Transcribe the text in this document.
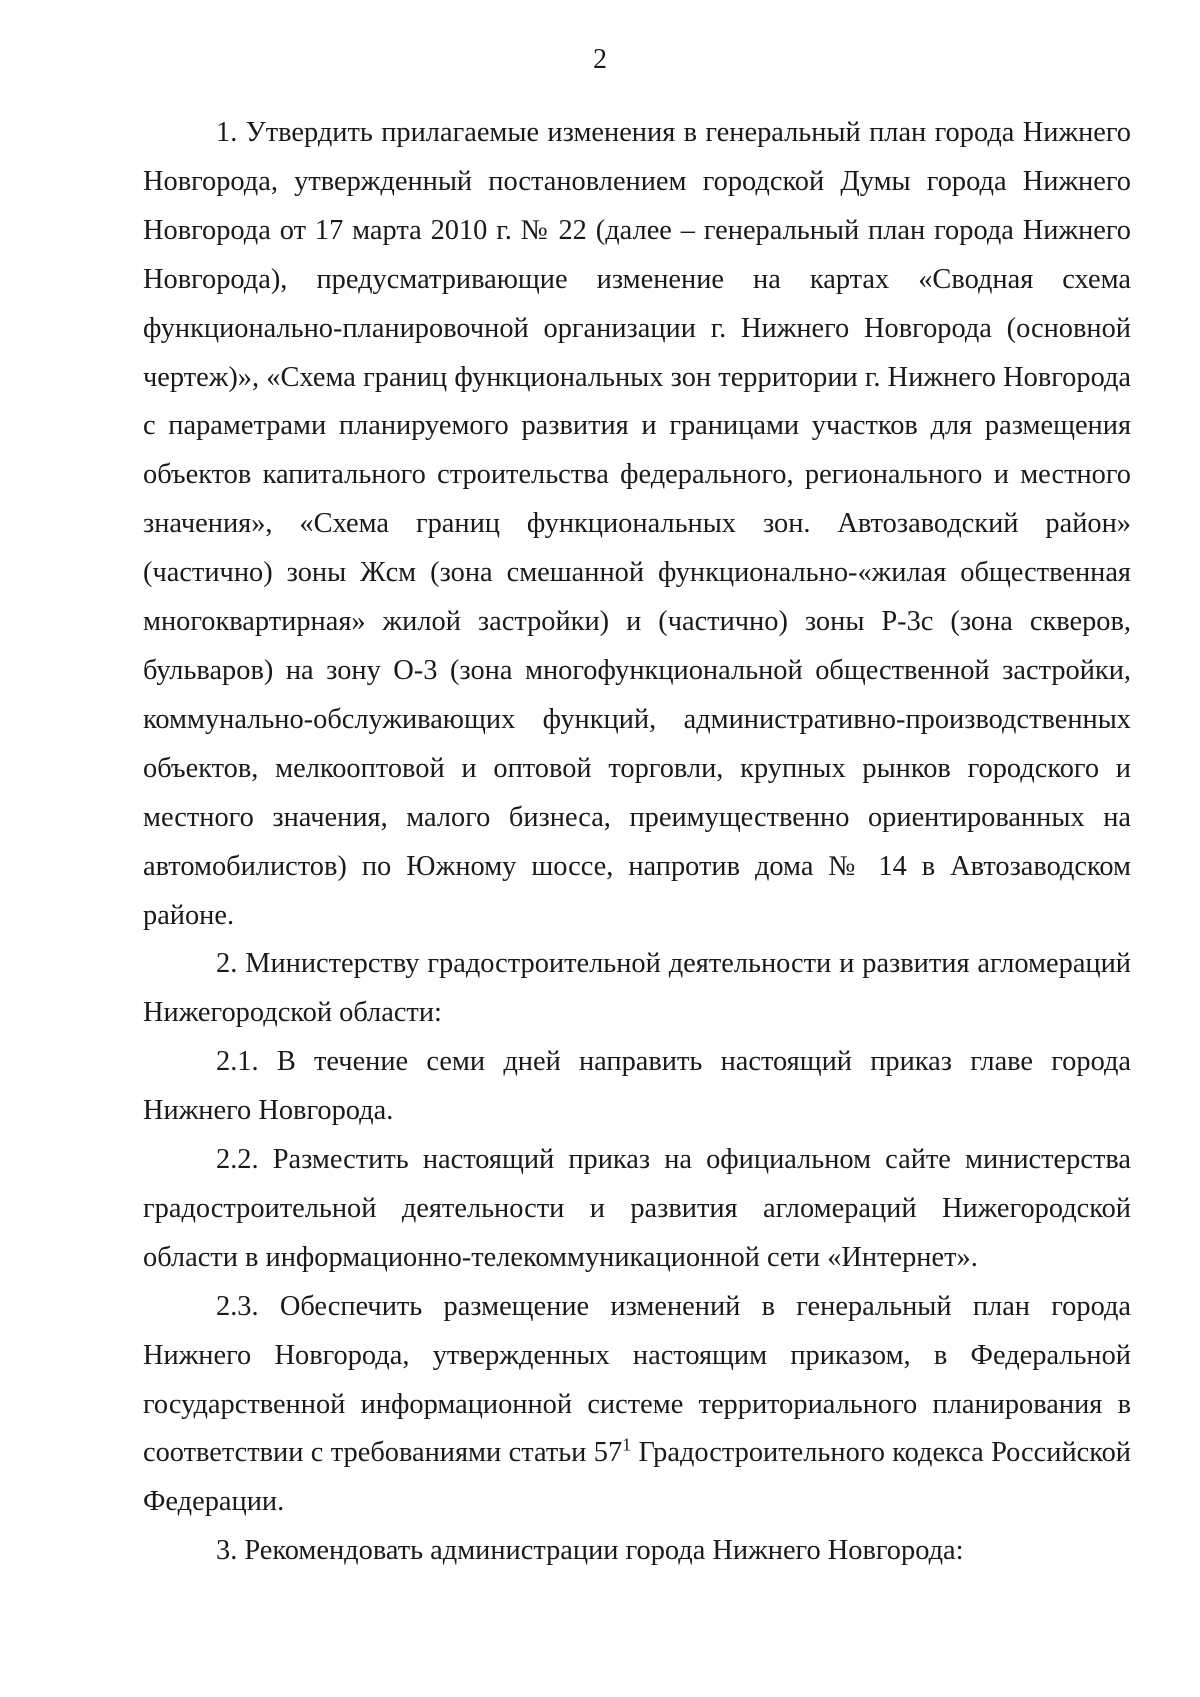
2

1. Утвердить прилагаемые изменения в генеральный план города Нижнего Новгорода, утвержденный постановлением городской Думы города Нижнего Новгорода от 17 марта 2010 г. № 22 (далее – генеральный план города Нижнего Новгорода), предусматривающие изменение на картах «Сводная схема функционально-планировочной организации г. Нижнего Новгорода (основной чертеж)», «Схема границ функциональных зон территории г. Нижнего Новгорода с параметрами планируемого развития и границами участков для размещения объектов капитального строительства федерального, регионального и местного значения», «Схема границ функциональных зон. Автозаводский район» (частично) зоны Жсм (зона смешанной функционально-«жилая общественная многоквартирная» жилой застройки) и (частично) зоны Р-3с (зона скверов, бульваров) на зону О-3 (зона многофункциональной общественной застройки, коммунально-обслуживающих функций, административно-производственных объектов, мелкооптовой и оптовой торговли, крупных рынков городского и местного значения, малого бизнеса, преимущественно ориентированных на автомобилистов) по Южному шоссе, напротив дома № 14 в Автозаводском районе.

2. Министерству градостроительной деятельности и развития агломераций Нижегородской области:

2.1. В течение семи дней направить настоящий приказ главе города Нижнего Новгорода.

2.2. Разместить настоящий приказ на официальном сайте министерства градостроительной деятельности и развития агломераций Нижегородской области в информационно-телекоммуникационной сети «Интернет».

2.3. Обеспечить размещение изменений в генеральный план города Нижнего Новгорода, утвержденных настоящим приказом, в Федеральной государственной информационной системе территориального планирования в соответствии с требованиями статьи $57^1$ Градостроительного кодекса Российской Федерации.

3. Рекомендовать администрации города Нижнего Новгорода:
